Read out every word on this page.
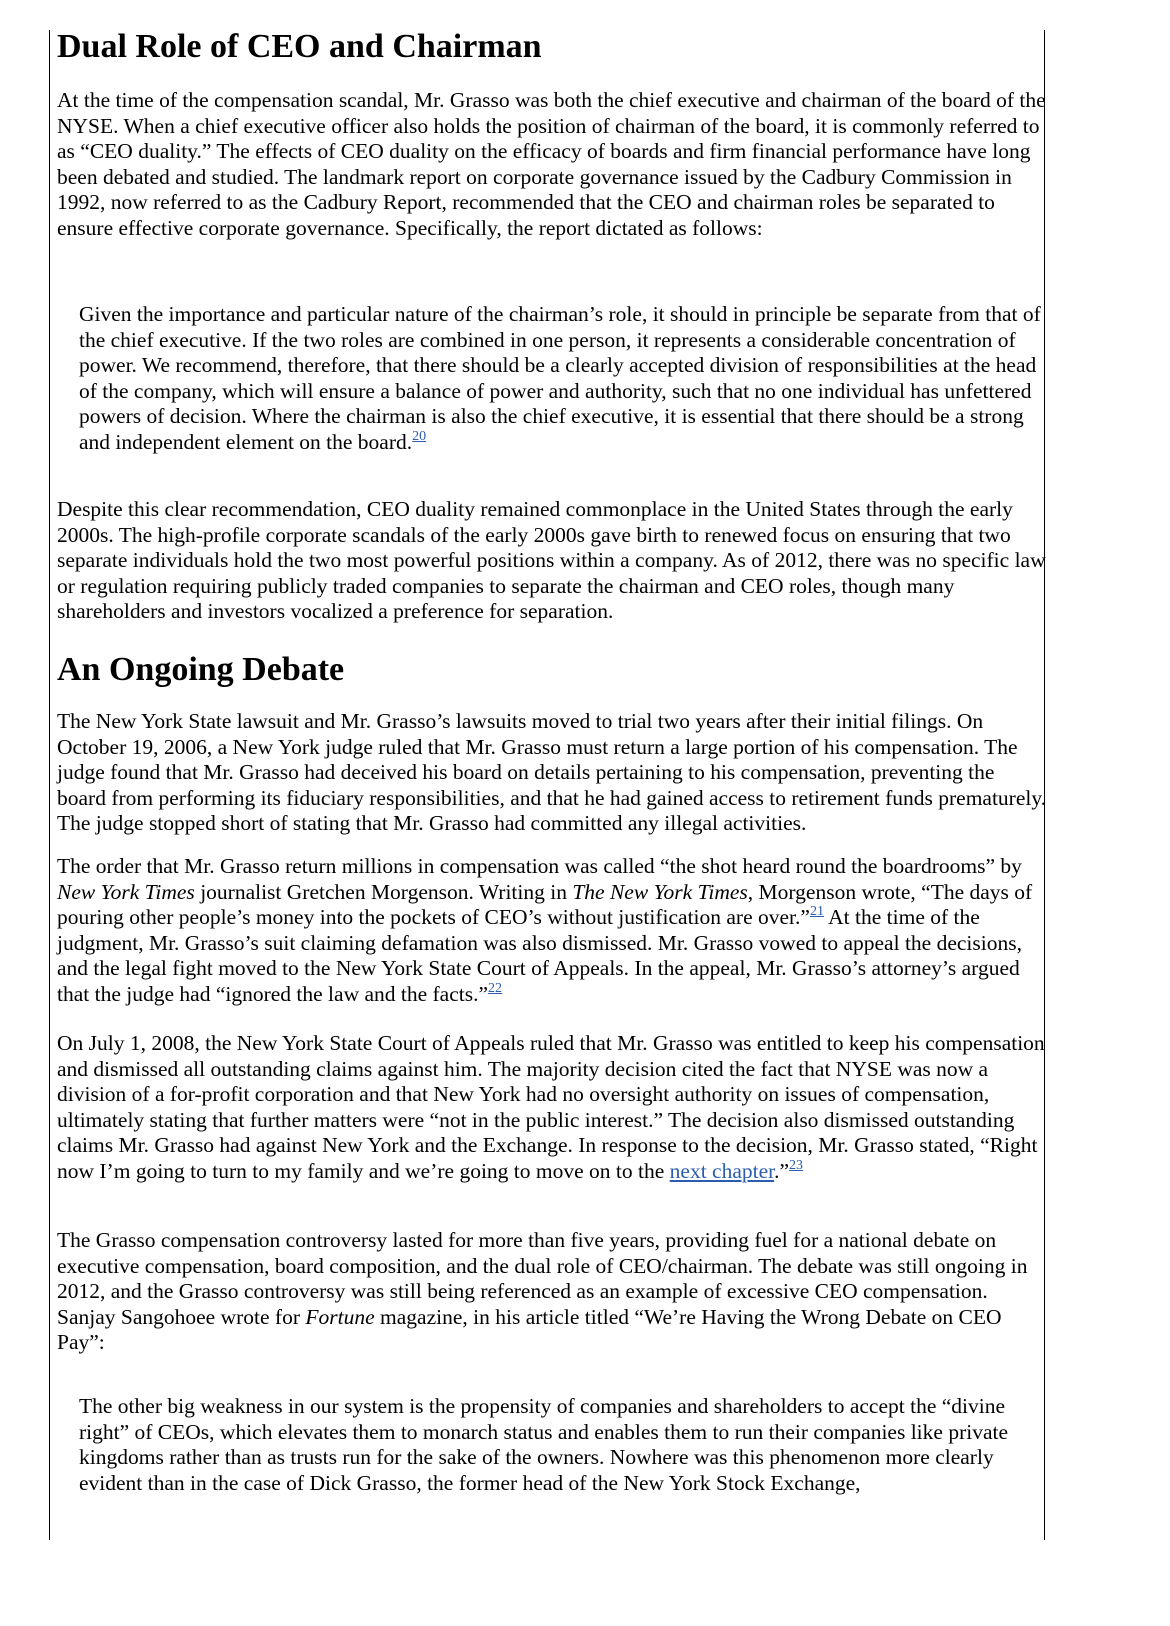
Dual Role of CEO and Chairman

At the time of the compensation scandal, Mr. Grasso was both the chief executive and chairman of the board of the NYSE. When a chief executive officer also holds the position of chairman of the board, it is commonly referred to as “CEO duality.” The effects of CEO duality on the efficacy of boards and firm financial performance have long been debated and studied. The landmark report on corporate governance issued by the Cadbury Commission in 1992, now referred to as the Cadbury Report, recommended that the CEO and chairman roles be separated to ensure effective corporate governance. Specifically, the report dictated as follows:

Given the importance and particular nature of the chairman’s role, it should in principle be separate from that of the chief executive. If the two roles are combined in one person, it represents a considerable concentration of power. We recommend, therefore, that there should be a clearly accepted division of responsibilities at the head of the company, which will ensure a balance of power and authority, such that no one individual has unfettered powers of decision. Where the chairman is also the chief executive, it is essential that there should be a strong and independent element on the board.$^{20}$

Despite this clear recommendation, CEO duality remained commonplace in the United States through the early 2000s. The high-profile corporate scandals of the early 2000s gave birth to renewed focus on ensuring that two separate individuals hold the two most powerful positions within a company. As of 2012, there was no specific law or regulation requiring publicly traded companies to separate the chairman and CEO roles, though many shareholders and investors vocalized a preference for separation.

An Ongoing Debate

The New York State lawsuit and Mr. Grasso’s lawsuits moved to trial two years after their initial filings. On October 19, 2006, a New York judge ruled that Mr. Grasso must return a large portion of his compensation. The judge found that Mr. Grasso had deceived his board on details pertaining to his compensation, preventing the board from performing its fiduciary responsibilities, and that he had gained access to retirement funds prematurely. The judge stopped short of stating that Mr. Grasso had committed any illegal activities.

The order that Mr. Grasso return millions in compensation was called “the shot heard round the boardrooms” by New York Times journalist Gretchen Morgenson. Writing in The New York Times, Morgenson wrote, “The days of pouring other people’s money into the pockets of CEO’s without justification are over.”$^{21}$ At the time of the judgment, Mr. Grasso’s suit claiming defamation was also dismissed. Mr. Grasso vowed to appeal the decisions, and the legal fight moved to the New York State Court of Appeals. In the appeal, Mr. Grasso’s attorney’s argued that the judge had “ignored the law and the facts.”$^{22}$

On July 1, 2008, the New York State Court of Appeals ruled that Mr. Grasso was entitled to keep his compensation and dismissed all outstanding claims against him. The majority decision cited the fact that NYSE was now a division of a for-profit corporation and that New York had no oversight authority on issues of compensation, ultimately stating that further matters were “not in the public interest.” The decision also dismissed outstanding claims Mr. Grasso had against New York and the Exchange. In response to the decision, Mr. Grasso stated, “Right now I’m going to turn to my family and we’re going to move on to the next chapter.”$^{23}$

The Grasso compensation controversy lasted for more than five years, providing fuel for a national debate on executive compensation, board composition, and the dual role of CEO/chairman. The debate was still ongoing in 2012, and the Grasso controversy was still being referenced as an example of excessive CEO compensation. Sanjay Sangohoee wrote for Fortune magazine, in his article titled “We’re Having the Wrong Debate on CEO Pay”:

The other big weakness in our system is the propensity of companies and shareholders to accept the “divine right” of CEOs, which elevates them to monarch status and enables them to run their companies like private kingdoms rather than as trusts run for the sake of the owners. Nowhere was this phenomenon more clearly evident than in the case of Dick Grasso, the former head of the New York Stock Exchange,
